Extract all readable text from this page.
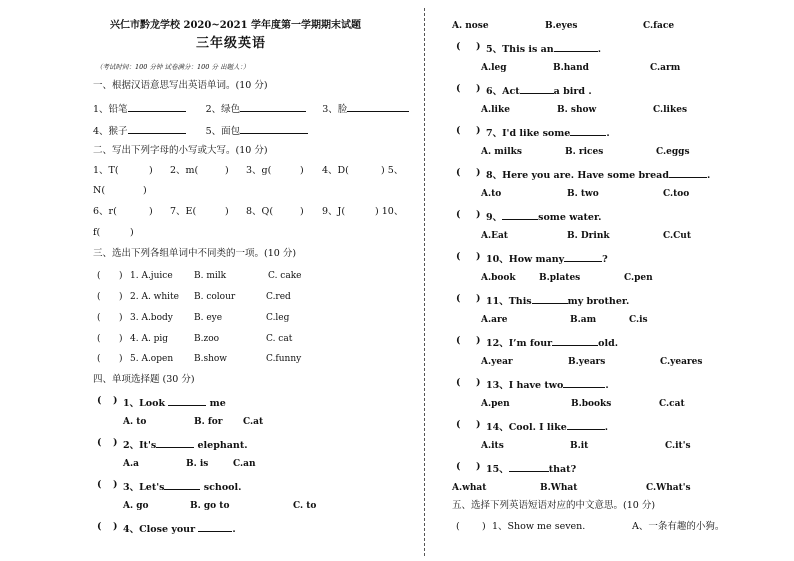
兴仁市黔龙学校 2020~2021 学年度第一学期期末试题
三年级英语
（考试时间：100 分钟 试卷满分：100 分 出题人：）
一、根据汉语意思写出英语单词。(10 分)
1、铅笔	2、绿色	3、脸
4、猴子	5、面包
二、写出下列字母的小写或大写。(10 分)
1、T(	) 2、m(	) 3、g(	) 4、D(	) 5、
N(	)
6、r(	) 7、E(	) 8、Q(	) 9、J(	) 10、
f(	)
三、选出下列各组单词中不同类的一项。(10 分)
( ) 1. A.juice B. milk	C. cake
( ) 2. A. white B. colour	C.red
( ) 3. A.body B. eye	C.leg
( ) 4. A. pig	B.zoo	C. cat
( ) 5. A.open B.show	C.funny
四、单项选择题 (30 分)
( ) 1、Look	me
A. to	B. for C.at
( ) 2、It's	elephant.
A.a	B. is	C.an
( ) 3、Let's	school.
A. go	B. go to	C. to
( ) 4、Close your	.
A. nose	B.eyes	C.face
( ) 5、This is an	.
A.leg	B.hand	C.arm
( ) 6、Act	a bird .
A.like	B. show	C.likes
( ) 7、I'd like some	.
A. milks	B. rices	C.eggs
( ) 8、Here you are. Have some bread	.
A.to	B. two	C.too
( ) 9、	some water.
A.Eat	B. Drink	C.Cut
( ) 10、How many	?
A.book	B.plates	C.pen
( ) 11、This	my brother.
A.are	B.am	C.is
( ) 12、I’m four	old.
A.year	B.years	C.yeares
( ) 13、I have two	.
A.pen	B.books	C.cat
( ) 14、Cool. I like	.
A.its	B.it	C.it's
( ) 15、	that?
A.what	B.What	C.What's
五、选择下列英语短语对应的中文意思。(10 分)
( ) 1、Show me seven.	A、一条有趣的小狗。
